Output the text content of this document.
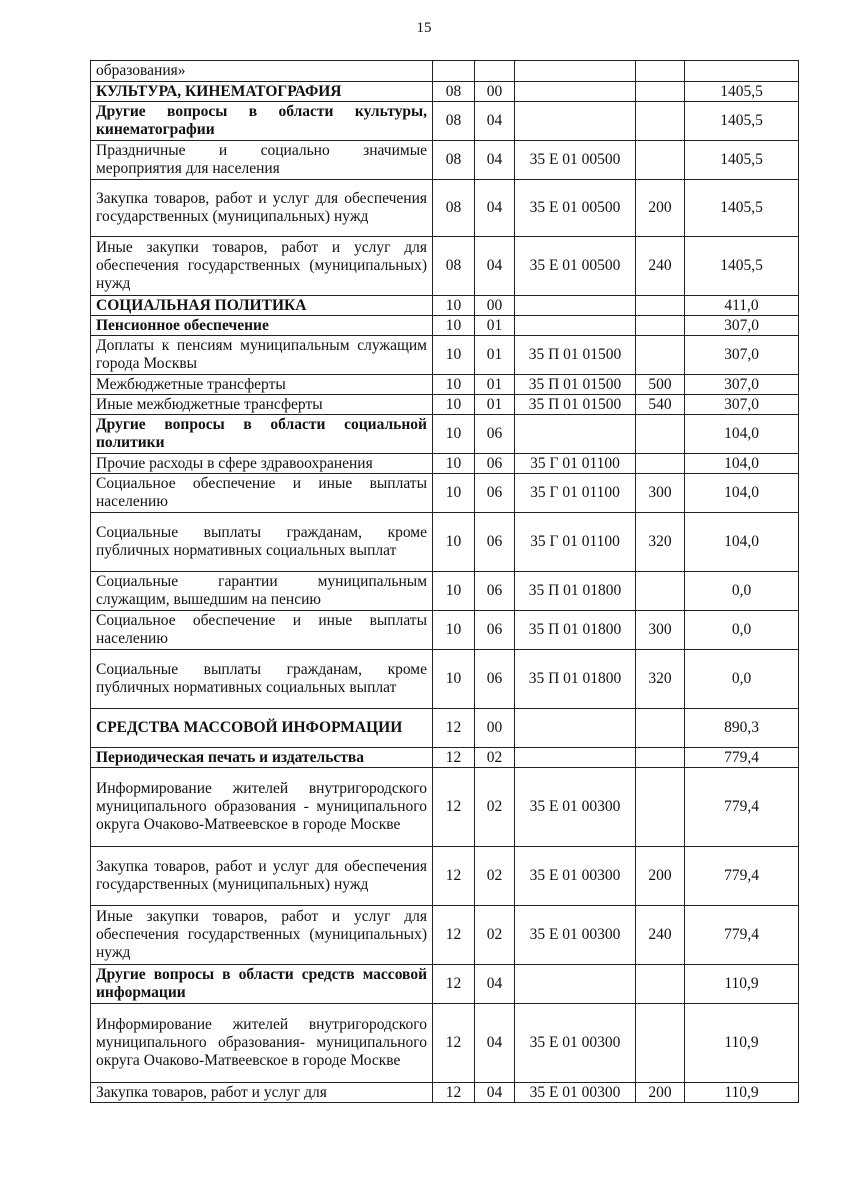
15
образования»					
КУЛЬТУРА, КИНЕМАТОГРАФИЯ	08	00			1405,5
Другие вопросы в области культуры, кинематографии	08	04			1405,5
Праздничные и социально значимые мероприятия для населения	08	04	35 Е 01 00500		1405,5
Закупка товаров, работ и услуг для обеспечения государственных (муниципальных) нужд	08	04	35 Е 01 00500	200	1405,5
Иные закупки товаров, работ и услуг для обеспечения государственных (муниципальных) нужд	08	04	35 Е 01 00500	240	1405,5
СОЦИАЛЬНАЯ ПОЛИТИКА	10	00			411,0
Пенсионное обеспечение	10	01			307,0
Доплаты к пенсиям муниципальным служащим города Москвы	10	01	35 П 01 01500		307,0
Межбюджетные трансферты	10	01	35 П 01 01500	500	307,0
Иные межбюджетные трансферты	10	01	35 П 01 01500	540	307,0
Другие вопросы в области социальной политики	10	06			104,0
Прочие расходы в сфере здравоохранения	10	06	35 Г 01 01100		104,0
Социальное обеспечение и иные выплаты населению	10	06	35 Г 01 01100	300	104,0
Социальные выплаты гражданам, кроме публичных нормативных социальных выплат	10	06	35 Г 01 01100	320	104,0
Социальные гарантии муниципальным служащим, вышедшим на пенсию	10	06	35 П 01 01800		0,0
Социальное обеспечение и иные выплаты населению	10	06	35 П 01 01800	300	0,0
Социальные выплаты гражданам, кроме публичных нормативных социальных выплат	10	06	35 П 01 01800	320	0,0
СРЕДСТВА МАССОВОЙ ИНФОРМАЦИИ	12	00			890,3
Периодическая печать и издательства	12	02			779,4
Информирование жителей внутригородского муниципального образования - муниципального округа Очаково-Матвеевское в городе Москве	12	02	35 Е 01 00300		779,4
Закупка товаров, работ и услуг для обеспечения государственных (муниципальных) нужд	12	02	35 Е 01 00300	200	779,4
Иные закупки товаров, работ и услуг для обеспечения государственных (муниципальных) нужд	12	02	35 Е 01 00300	240	779,4
Другие вопросы в области средств массовой информации	12	04			110,9
Информирование жителей внутригородского муниципального образования- муниципального округа Очаково-Матвеевское в городе Москве	12	04	35 Е 01 00300		110,9
Закупка товаров, работ и услуг для	12	04	35 Е 01 00300	200	110,9
